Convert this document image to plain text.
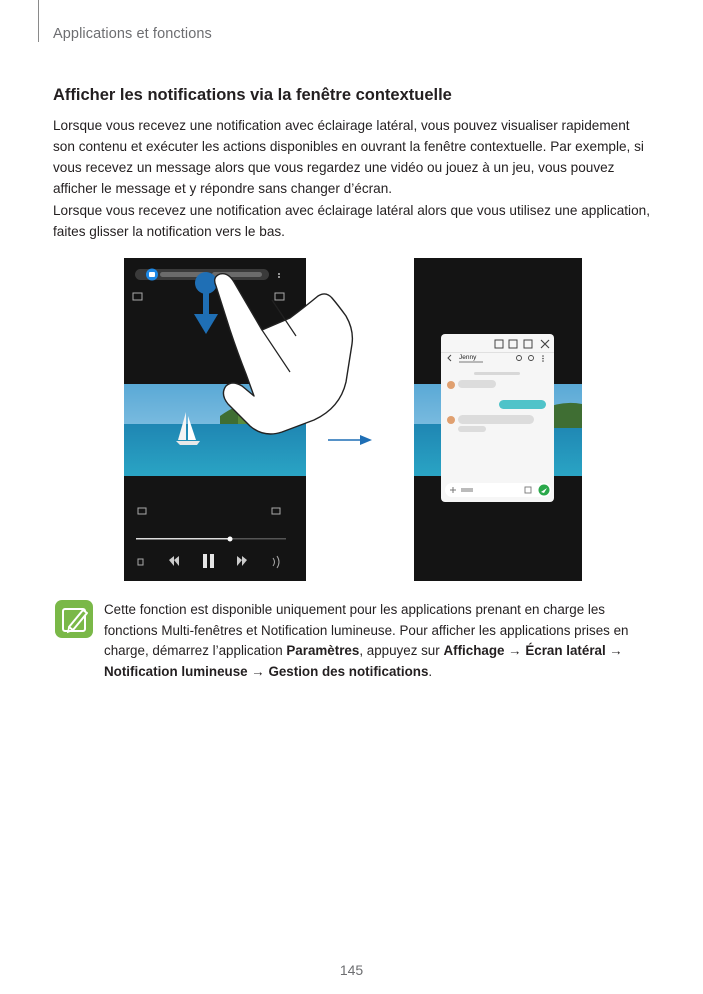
Applications et fonctions
Afficher les notifications via la fenêtre contextuelle

Lorsque vous recevez une notification avec éclairage latéral, vous pouvez visualiser rapidement son contenu et exécuter les actions disponibles en ouvrant la fenêtre contextuelle. Par exemple, si vous recevez un message alors que vous regardez une vidéo ou jouez à un jeu, vous pouvez afficher le message et y répondre sans changer d’écran.

Lorsque vous recevez une notification avec éclairage latéral alors que vous utilisez une application, faites glisser la notification vers le bas.

Jenny

Cette fonction est disponible uniquement pour les applications prenant en charge les fonctions Multi-fenêtres et Notification lumineuse. Pour afficher les applications prises en charge, démarrez l’application Paramètres, appuyez sur Affichage → Écran latéral → Notification lumineuse → Gestion des notifications.

145
